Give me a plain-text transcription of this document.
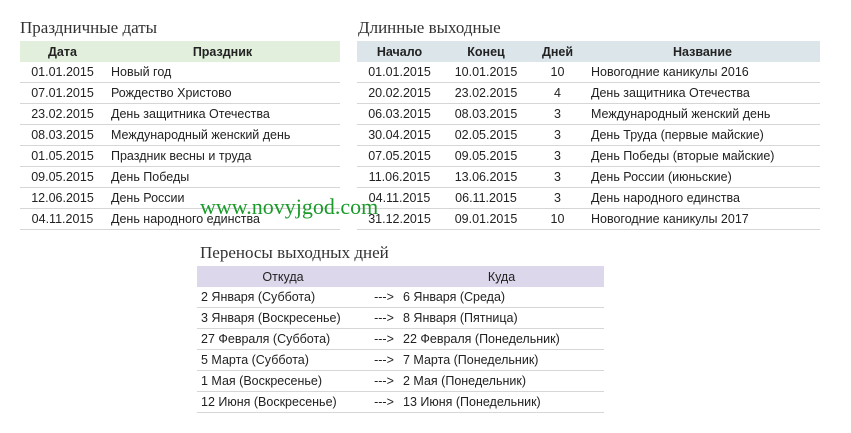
Праздничные даты
Дата	Праздник
01.01.2015	Новый год
07.01.2015	Рождество Христово
23.02.2015	День защитника Отечества
08.03.2015	Международный женский день
01.05.2015	Праздник весны и труда
09.05.2015	День Победы
12.06.2015	День России
04.11.2015	День народного единства
Длинные выходные
Начало	Конец	Дней	Название
01.01.2015	10.01.2015	10	Новогодние каникулы 2016
20.02.2015	23.02.2015	4	День защитника Отечества
06.03.2015	08.03.2015	3	Международный женский день
30.04.2015	02.05.2015	3	День Труда (первые майские)
07.05.2015	09.05.2015	3	День Победы (вторые майские)
11.06.2015	13.06.2015	3	День России (июньские)
04.11.2015	06.11.2015	3	День народного единства
31.12.2015	09.01.2015	10	Новогодние каникулы 2017
Переносы выходных дней
Откуда		Куда
2 Января (Суббота)	--->	6 Января (Среда)
3 Января (Воскресенье)	--->	8 Января (Пятница)
27 Февраля (Суббота)	--->	22 Февраля (Понедельник)
5 Марта (Суббота)	--->	7 Марта (Понедельник)
1 Мая (Воскресенье)	--->	2 Мая (Понедельник)
12 Июня (Воскресенье)	--->	13 Июня (Понедельник)
www.novyjgod.com
